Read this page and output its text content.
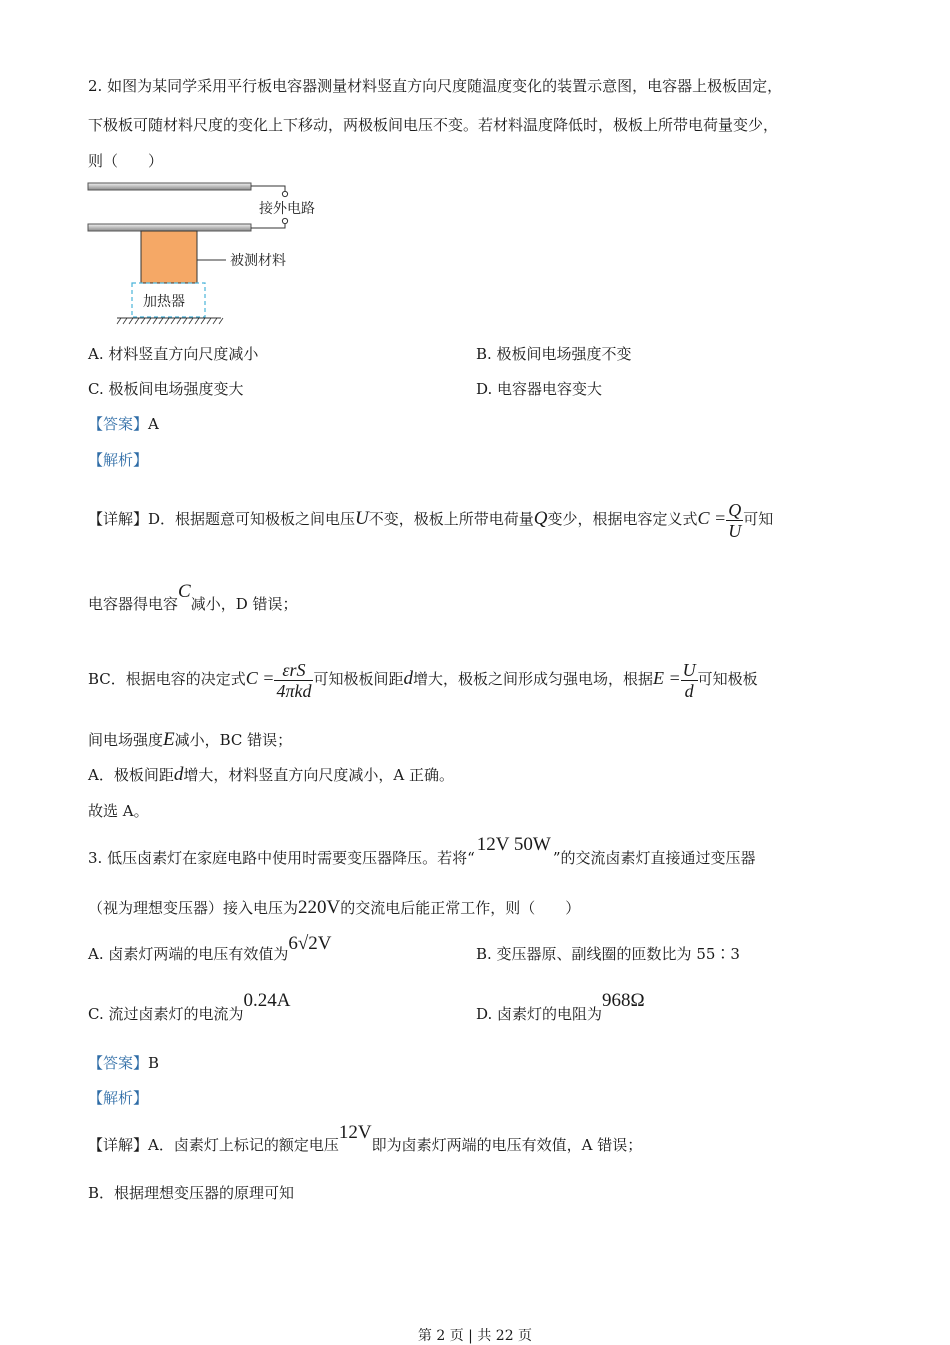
2. 如图为某同学采用平行板电容器测量材料竖直方向尺度随温度变化的装置示意图，电容器上极板固定，
下极板可随材料尺度的变化上下移动，两极板间电压不变。若材料温度降低时，极板上所带电荷量变少，
则（　　）
接外电路
被测材料
加热器
A. 材料竖直方向尺度减小	B. 极板间电场强度不变
C. 极板间电场强度变大	D. 电容器电容变大
【答案】A
【解析】
【详解】D．根据题意可知极板之间电压U不变，极板上所带电荷量Q变少，根据电容定义式$C = \frac{Q}{U}$ 可知
电容器得电容C减小，D 错误；
BC．根据电容的决定式$C = \frac{\text{εrS}}{\text{4πkd}}$ 可知极板间距d增大，极板之间形成匀强电场，根据$E = \frac{U}{d}$ 可知极板
间电场强度E减小，BC 错误；
A．极板间距d增大，材料竖直方向尺度减小，A 正确。
故选 A。
3. 低压卤素灯在家庭电路中使用时需要变压器降压。若将“12V 50W”的交流卤素灯直接通过变压器
（视为理想变压器）接入电压为220V的交流电后能正常工作，则（　　）
A. 卤素灯两端的电压有效值为6√2V	B. 变压器原、副线圈的匝数比为 55∶3
C. 流过卤素灯的电流为0.24A
D. 卤素灯的电阻为968Ω
【答案】B
【解析】
【详解】A．卤素灯上标记的额定电压12V即为卤素灯两端的电压有效值，A 错误；
B．根据理想变压器的原理可知
第 2 页 | 共 22 页
